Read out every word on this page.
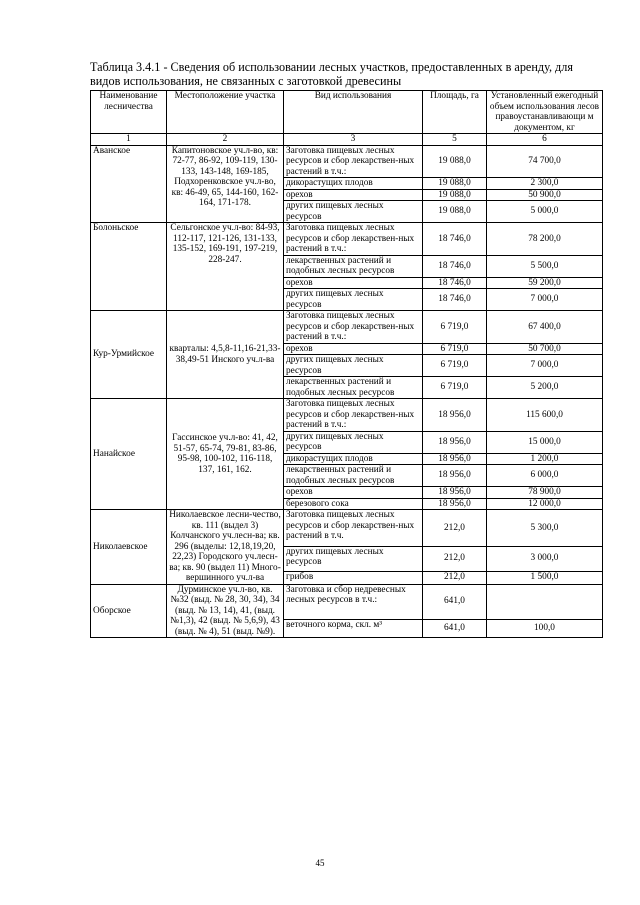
Таблица 3.4.1 - Сведения об использовании лесных участков, предоставленных в аренду, для видов использования, не связанных с заготовкой древесины
Наименование лесничества	Местоположение участка	Вид использования	Площадь, га	Установленный ежегодный объем использования лесов правоустанавливающи м документом, кг
1	2	3	5	6
Аванское	Капитоновское уч.л-во, кв: 72-77, 86-92, 109-119, 130-133, 143-148, 169-185, Подхоренковское уч.л-во, кв: 46-49, 65, 144-160, 162-164, 171-178.	Заготовка пищевых лесных ресурсов и сбор лекарствен-ных растений в т.ч.:	19 088,0	74 700,0
		дикорастущих плодов	19 088,0	2 300,0
		орехов	19 088,0	50 900,0
		других пищевых лесных ресурсов	19 088,0	5 000,0
Болоньское	Сельгонское уч.л-во: 84-93, 112-117, 121-126, 131-133, 135-152, 169-191, 197-219, 228-247.	Заготовка пищевых лесных ресурсов и сбор лекарствен-ных растений в т.ч.:	18 746,0	78 200,0
		лекарственных растений и подобных лесных ресурсов	18 746,0	5 500,0
		орехов	18 746,0	59 200,0
		других пищевых лесных ресурсов	18 746,0	7 000,0
Кур-Урмийское	кварталы: 4,5,8-11,16-21,33-38,49-51 Инского уч.л-ва	Заготовка пищевых лесных ресурсов и сбор лекарствен-ных растений в т.ч.:	6 719,0	67 400,0
		орехов	6 719,0	50 700,0
		других пищевых лесных ресурсов	6 719,0	7 000,0
		лекарственных растений и подобных лесных ресурсов	6 719,0	5 200,0
Нанайское	Гассинское уч.л-во: 41, 42, 51-57, 65-74, 79-81, 83-86, 95-98, 100-102, 116-118, 137, 161, 162.	Заготовка пищевых лесных ресурсов и сбор лекарствен-ных растений в т.ч.:	18 956,0	115 600,0
		других пищевых лесных ресурсов	18 956,0	15 000,0
		дикорастущих плодов	18 956,0	1 200,0
		лекарственных растений и подобных лесных ресурсов	18 956,0	6 000,0
		орехов	18 956,0	78 900,0
		березового сока	18 956,0	12 000,0
Николаевское	Николаевское лесни-чество, кв. 111 (выдел 3) Колчанского уч.лесн-ва; кв. 296 (выделы: 12,18,19,20, 22,23) Городского уч.лесн-ва; кв. 90 (выдел 11) Много-вершинного уч.л-ва	Заготовка пищевых лесных ресурсов и сбор лекарствен-ных растений в т.ч.	212,0	5 300,0
		других пищевых лесных ресурсов	212,0	3 000,0
		грибов	212,0	1 500,0
Оборское	Дурминское уч.л-во, кв. №32 (выд. № 28, 30, 34), 34 (выд. № 13, 14), 41, (выд. №1,3), 42 (выд. № 5,6,9), 43 (выд. № 4), 51 (выд. №9).	Заготовка и сбор недревесных лесных ресурсов в т.ч.:	641,0	
		веточного корма, скл. м³	641,0	100,0
45
